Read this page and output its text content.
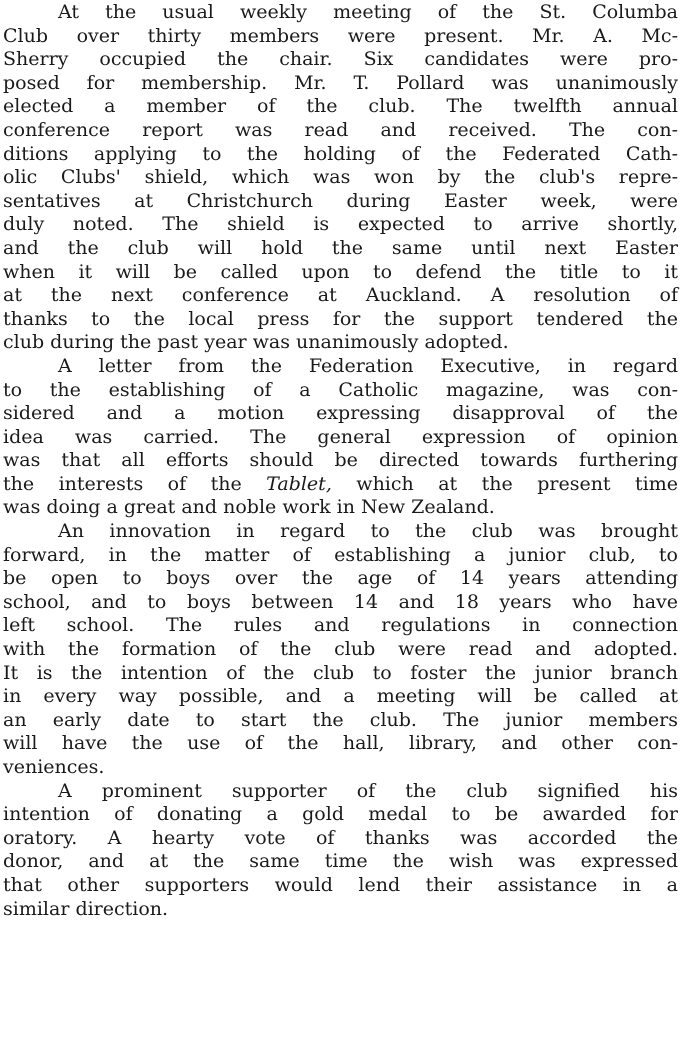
At the usual weekly meeting of the St. Columba
Club over thirty members were present. Mr. A. Mc-
Sherry occupied the chair. Six candidates were pro-
posed for membership. Mr. T. Pollard was unanimously
elected a member of the club. The twelfth annual
conference report was read and received. The con-
ditions applying to the holding of the Federated Cath-
olic Clubs' shield, which was won by the club's repre-
sentatives at Christchurch during Easter week, were
duly noted. The shield is expected to arrive shortly,
and the club will hold the same until next Easter
when it will be called upon to defend the title to it
at the next conference at Auckland. A resolution of
thanks to the local press for the support tendered the
club during the past year was unanimously adopted.
A letter from the Federation Executive, in regard
to the establishing of a Catholic magazine, was con-
sidered and a motion expressing disapproval of the
idea was carried. The general expression of opinion
was that all efforts should be directed towards furthering
the interests of the Tablet, which at the present time
was doing a great and noble work in New Zealand.
An innovation in regard to the club was brought
forward, in the matter of establishing a junior club, to
be open to boys over the age of 14 years attending
school, and to boys between 14 and 18 years who have
left school. The rules and regulations in connection
with the formation of the club were read and adopted.
It is the intention of the club to foster the junior branch
in every way possible, and a meeting will be called at
an early date to start the club. The junior members
will have the use of the hall, library, and other con-
veniences.
A prominent supporter of the club signified his
intention of donating a gold medal to be awarded for
oratory. A hearty vote of thanks was accorded the
donor, and at the same time the wish was expressed
that other supporters would lend their assistance in a
similar direction.
